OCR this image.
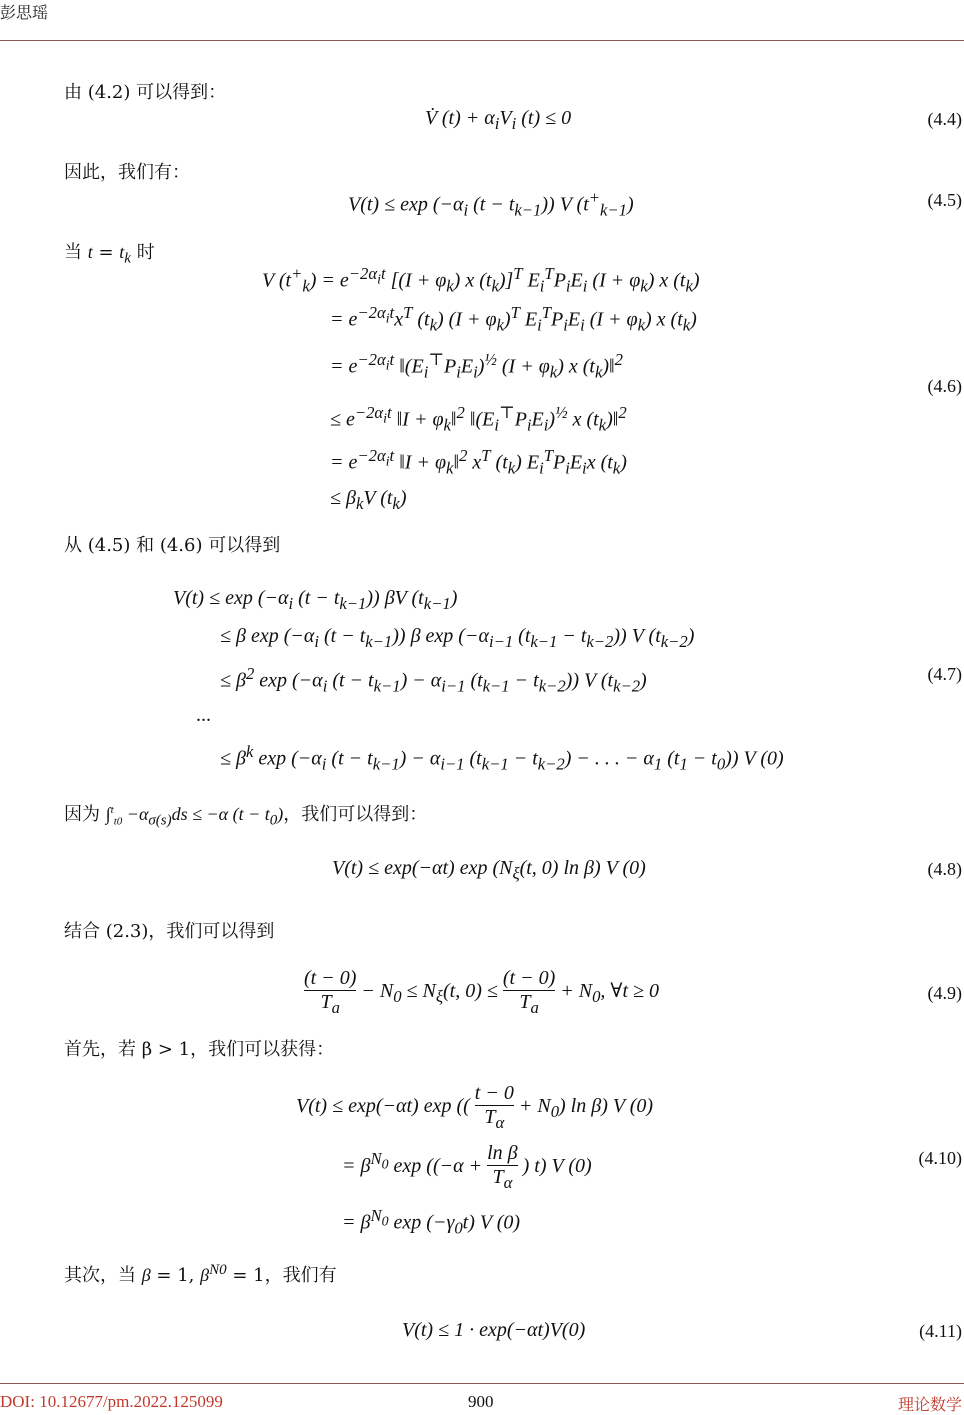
彭思瑶
由 (4.2) 可以得到：
V̇ $(t) + \alpha_iV_i$ (t) ≤ 0	(4.4)
因此，我们有：
$V(t) \le \exp (-\alpha_i$ $(t - t_{k-1})$) V $(t^+_{k-1})$	(4.5)
当 $t = t_k$ 时
V $(t^+_k) = e^{-2\alpha_it}$ [$(I + \varphi_k)$ x $(t_k)]^T$ $E_i^TP_iE_i$ $(I + \varphi_k)$ x $(t_k)$
= $e^{-2\alpha_it}x^T$ $(t_k) (I + \varphi_k)^T$ $E_i^TP_iE_i$ $(I + \varphi_k)$ x $(t_k)$
= $e^{-2\alpha_it}$ $‖(E_i^⊤P_iE_i)^{\frac{1}{2}}$ $(I + \varphi_k)$ x $(t_k)‖^2$
≤ $e^{-2\alpha_it}$ ‖I + $\varphi_k‖^2$ $‖(E_i^⊤P_iE_i)^{\frac{1}{2}}$ x $(t_k)‖^2$
= $e^{-2\alpha_it}$ ‖I + $\varphi_k‖^2$ $x^T$ $(t_k)$ $E_i^TP_iE_ix$ $(t_k)$
≤ $\beta_kV$ $(t_k)$
(4.6)
从 (4.5) 和 (4.6) 可以得到
$V(t) \le \exp (-\alpha_i$ $(t - t_{k-1})$) βV $(t_{k-1})$
≤ β $\exp (-\alpha_i$ $(t - t_{k-1})$) β $\exp (-\alpha_{i-1}$ $(t_{k-1} - t_{k-2})$) V $(t_{k-2})$
≤ $\beta^2$ $\exp (-\alpha_i$ $(t - t_{k-1}) - \alpha_{i-1}$ $(t_{k-1} - t_{k-2})$) V $(t_{k-2})$
...
≤ $\beta^k$ $\exp (-\alpha_i$ $(t - t_{k-1}) - \alpha_{i-1}$ $(t_{k-1} - t_{k-2})$ − . . . − $\alpha_1$ $(t_1 - t_0)$) V (0)
(4.7)
因为 $\int^t_{t0} -\alpha_{\sigma(s)}ds \le -\alpha$ $(t - t_0)$，我们可以得到：
V(t) ≤ exp(−αt) $\exp (N_\xi(t$, 0) ln β) V (0)	(4.8)
结合 (2.3)，我们可以得到
$\frac{(t - 0)}{T_a} - N_0 \le N_\xi(t$, $0) \le \frac{(t - 0)}{T_a} + N_0$, ∀t ≥ 0	(4.9)
首先，若 β > 1，我们可以获得：
V(t) ≤ exp(−αt) exp (( $\frac{t - 0}{T_\alpha} + N_0$) ln β) V (0)
= $\beta^{N_0}$ $\exp ((-\alpha + \frac{\text{ln β}}{T_\alpha}$ ) t) V (0)
= $\beta^{N_0}$ $\exp (-\gamma_0t)$ V (0)
(4.10)
其次，当 β = 1, $\beta^{N0} = 1$，我们有
V(t) ≤ 1 · exp(−αt)V(0)	(4.11)
DOI: 10.12677/pm.2022.125099	900	理论数学
